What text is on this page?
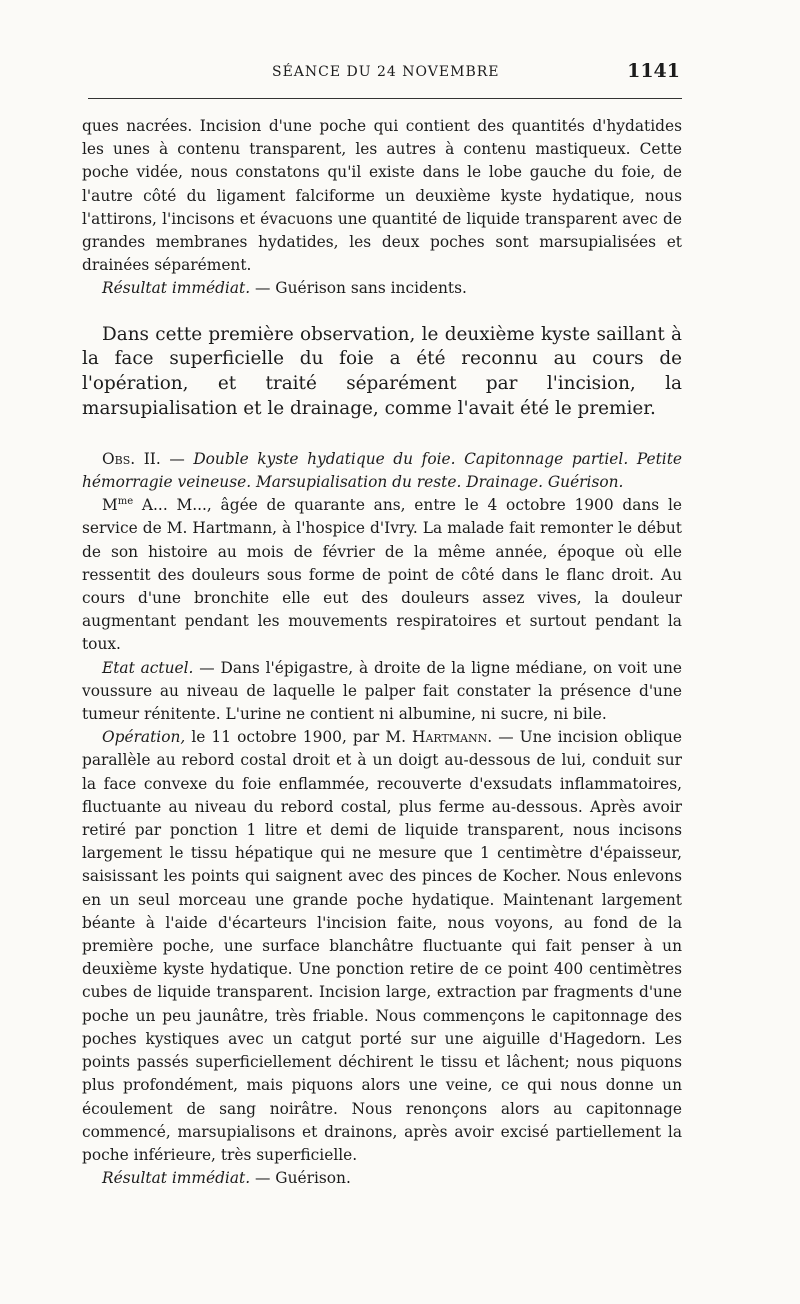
SÉANCE DU 24 NOVEMBRE	1141

ques nacrées. Incision d'une poche qui contient des quantités d'hydatides les unes à contenu transparent, les autres à contenu mastiqueux. Cette poche vidée, nous constatons qu'il existe dans le lobe gauche du foie, de l'autre côté du ligament falciforme un deuxième kyste hydatique, nous l'attirons, l'incisons et évacuons une quantité de liquide transparent avec de grandes membranes hydatides, les deux poches sont marsupialisées et drainées séparément.

Résultat immédiat. — Guérison sans incidents.

Dans cette première observation, le deuxième kyste saillant à la face superficielle du foie a été reconnu au cours de l'opération, et traité séparément par l'incision, la marsupialisation et le drainage, comme l'avait été le premier.

Obs. II. — Double kyste hydatique du foie. Capitonnage partiel. Petite hémorragie veineuse. Marsupialisation du reste. Drainage. Guérison.

$M^{me}$ A... M..., âgée de quarante ans, entre le 4 octobre 1900 dans le service de M. Hartmann, à l'hospice d'Ivry. La malade fait remonter le début de son histoire au mois de février de la même année, époque où elle ressentit des douleurs sous forme de point de côté dans le flanc droit. Au cours d'une bronchite elle eut des douleurs assez vives, la douleur augmentant pendant les mouvements respiratoires et surtout pendant la toux.

Etat actuel. — Dans l'épigastre, à droite de la ligne médiane, on voit une voussure au niveau de laquelle le palper fait constater la présence d'une tumeur rénitente. L'urine ne contient ni albumine, ni sucre, ni bile.

Opération, le 11 octobre 1900, par M. Hartmann. — Une incision oblique parallèle au rebord costal droit et à un doigt au-dessous de lui, conduit sur la face convexe du foie enflammée, recouverte d'exsudats inflammatoires, fluctuante au niveau du rebord costal, plus ferme au-dessous. Après avoir retiré par ponction 1 litre et demi de liquide transparent, nous incisons largement le tissu hépatique qui ne mesure que 1 centimètre d'épaisseur, saisissant les points qui saignent avec des pinces de Kocher. Nous enlevons en un seul morceau une grande poche hydatique. Maintenant largement béante à l'aide d'écarteurs l'incision faite, nous voyons, au fond de la première poche, une surface blanchâtre fluctuante qui fait penser à un deuxième kyste hydatique. Une ponction retire de ce point 400 centimètres cubes de liquide transparent. Incision large, extraction par fragments d'une poche un peu jaunâtre, très friable. Nous commençons le capitonnage des poches kystiques avec un catgut porté sur une aiguille d'Hagedorn. Les points passés superficiellement déchirent le tissu et lâchent; nous piquons plus profondément, mais piquons alors une veine, ce qui nous donne un écoulement de sang noirâtre. Nous renonçons alors au capitonnage commencé, marsupialisons et drainons, après avoir excisé partiellement la poche inférieure, très superficielle.

Résultat immédiat. — Guérison.
